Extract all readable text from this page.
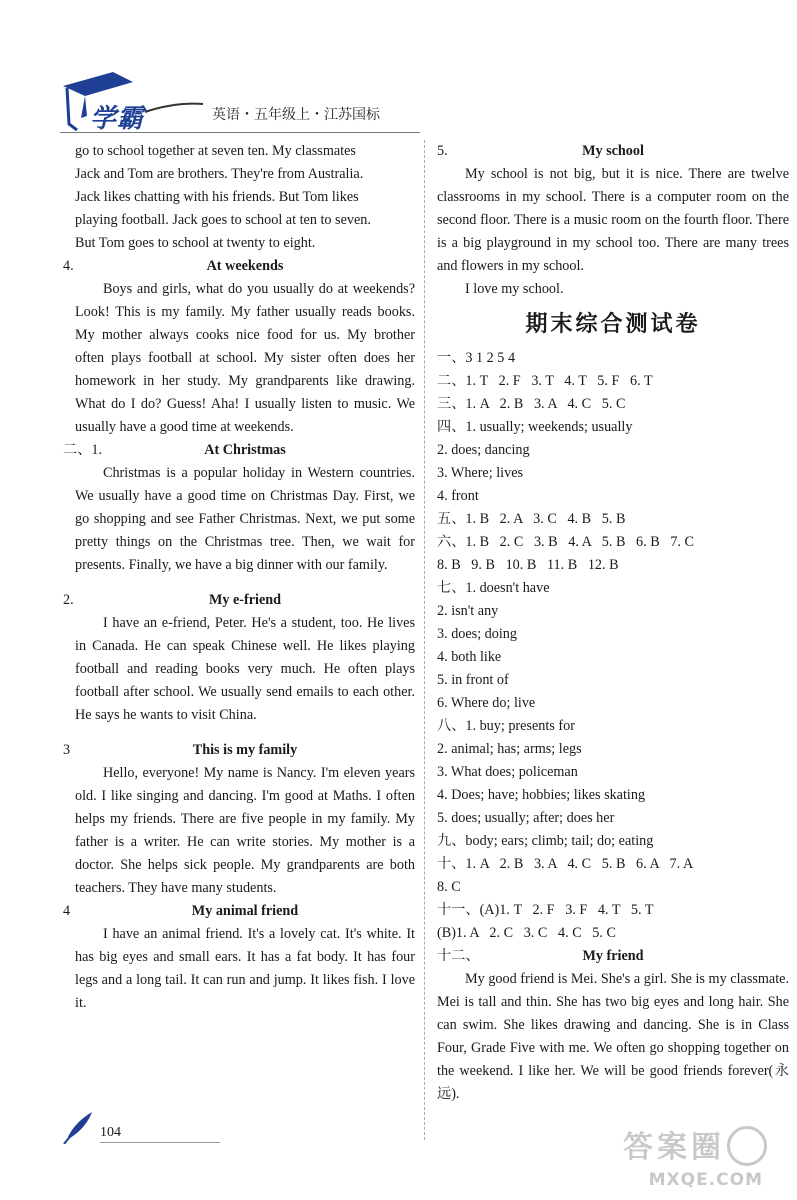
学霸	英语・五年级上・江苏国标

go to school together at seven ten. My classmates

Jack and Tom are brothers. They're from Australia.

Jack likes chatting with his friends. But Tom likes

playing football. Jack goes to school at ten to seven.

But Tom goes to school at twenty to eight.

4.	At weekends

Boys and girls, what do you usually do at weekends? Look! This is my family. My father usually reads books. My mother always cooks nice food for us. My brother often plays football at school. My sister often does her homework in her study. My grandparents like drawing. What do I do? Guess! Aha! I usually listen to music. We usually have a good time at weekends.

二、1.	At Christmas

Christmas is a popular holiday in Western countries. We usually have a good time on Christmas Day. First, we go shopping and see Father Christmas. Next, we put some pretty things on the Christmas tree. Then, we wait for presents. Finally, we have a big dinner with our family.

2.	My e-friend

I have an e-friend, Peter. He's a student, too. He lives in Canada. He can speak Chinese well. He likes playing football and reading books very much. He often plays football after school. We usually send emails to each other. He says he wants to visit China.

3	This is my family

Hello, everyone! My name is Nancy. I'm eleven years old. I like singing and dancing. I'm good at Maths. I often helps my friends. There are five people in my family. My father is a writer. He can write stories. My mother is a doctor. She helps sick people. My grandparents are both teachers. They have many students.

4	My animal friend

I have an animal friend. It's a lovely cat. It's white. It has big eyes and small ears. It has a fat body. It has four legs and a long tail. It can run and jump. It likes fish. I love it.

5.	My school

My school is not big, but it is nice. There are twelve classrooms in my school. There is a computer room on the second floor. There is a music room on the fourth floor. There is a big playground in my school too. There are many trees and flowers in my school.

I love my school.

期末综合测试卷

一、3 1 2 5 4

二、1. T   2. F   3. T   4. T   5. F   6. T

三、1. A   2. B   3. A   4. C   5. C

四、1. usually; weekends; usually

2. does; dancing

3. Where; lives

4. front

五、1. B   2. A   3. C   4. B   5. B

六、1. B   2. C   3. B   4. A   5. B   6. B   7. C

8. B   9. B   10. B   11. B   12. B

七、1. doesn't have

2. isn't any

3. does; doing

4. both like

5. in front of

6. Where do; live

八、1. buy; presents for

2. animal; has; arms; legs

3. What does; policeman

4. Does; have; hobbies; likes skating

5. does; usually; after; does her

九、body; ears; climb; tail; do; eating

十、1. A   2. B   3. A   4. C   5. B   6. A   7. A

8. C

十一、(A)1. T   2. F   3. F   4. T   5. T

(B)1. A   2. C   3. C   4. C   5. C

十二、	My friend

My good friend is Mei. She's a girl. She is my classmate. Mei is tall and thin. She has two big eyes and long hair. She can swim. She likes drawing and dancing. She is in Class Four, Grade Five with me. We often go shopping together on the weekend. I like her. We will be good friends forever(永远).

104	答案圈
MXQE.COM
